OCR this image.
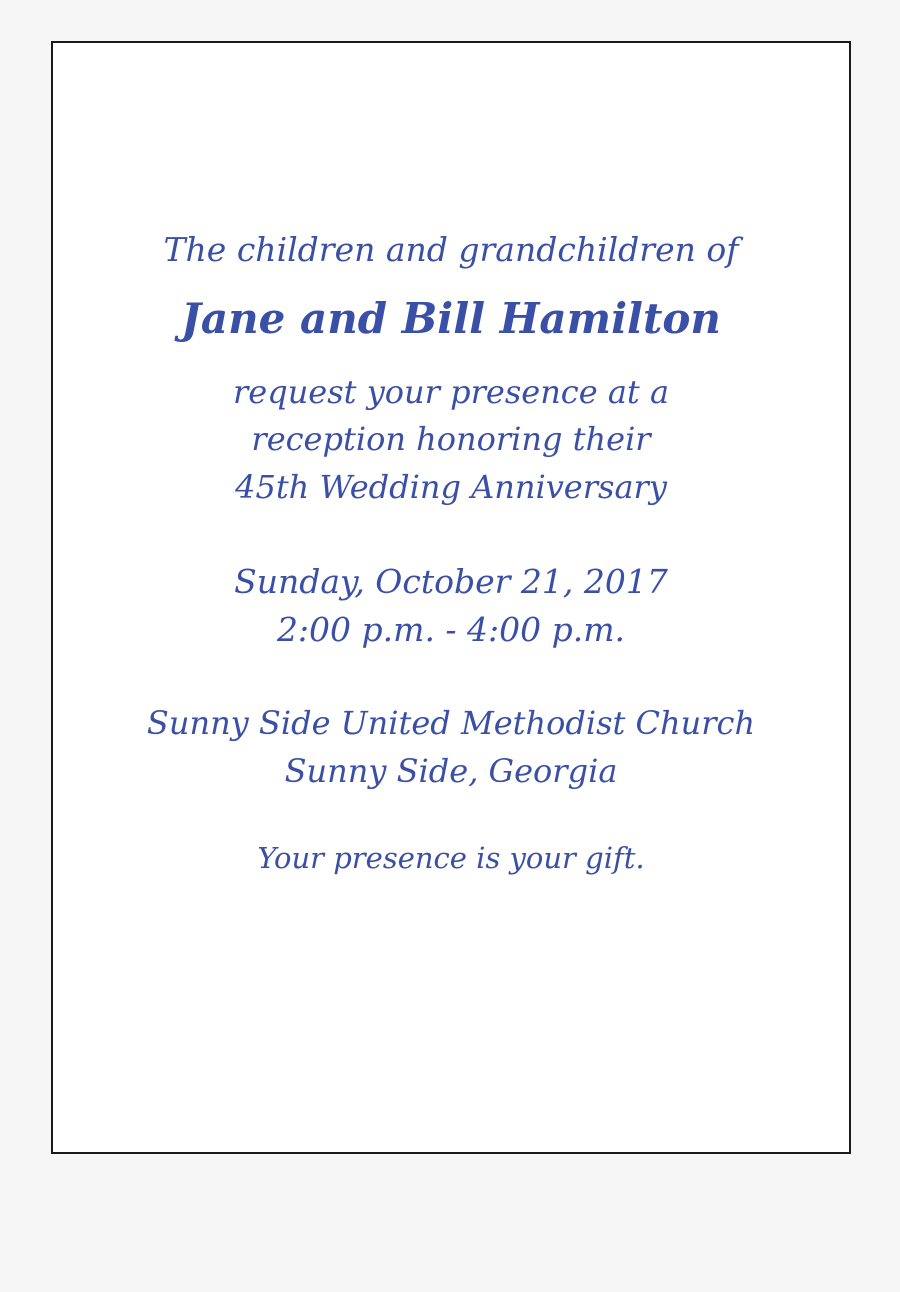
The children and grandchildren of
Jane and Bill Hamilton
request your presence at a
reception honoring their
45th Wedding Anniversary
Sunday, October 21, 2017
2:00 p.m. - 4:00 p.m.
Sunny Side United Methodist Church
Sunny Side, Georgia
Your presence is your gift.
